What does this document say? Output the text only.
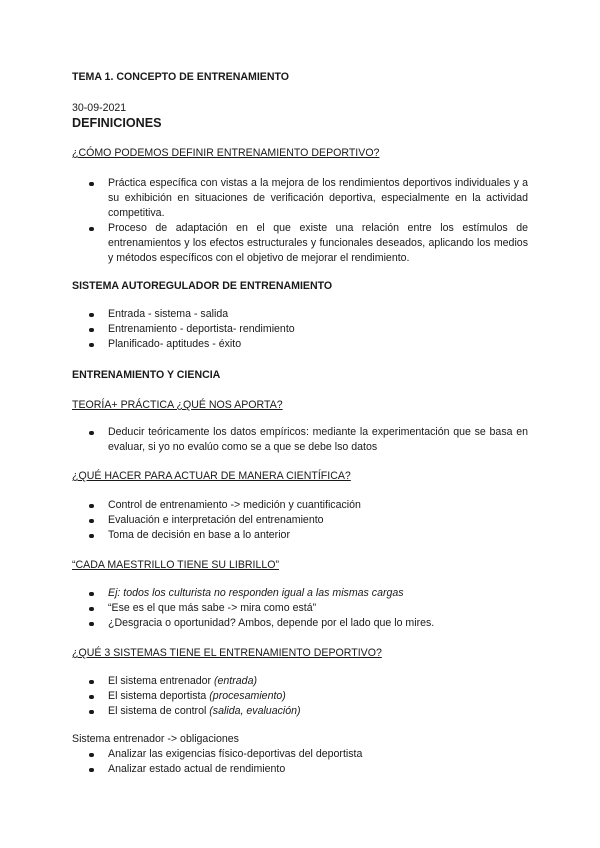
TEMA 1. CONCEPTO DE ENTRENAMIENTO
30-09-2021
DEFINICIONES
¿CÓMO PODEMOS DEFINIR ENTRENAMIENTO DEPORTIVO?
Práctica específica con vistas a la mejora de los rendimientos deportivos individuales y a su exhibición en situaciones de verificación deportiva, especialmente en la actividad competitiva.
Proceso de adaptación en el que existe una relación entre los estímulos de entrenamientos y los efectos estructurales y funcionales deseados, aplicando los medios y métodos específicos con el objetivo de mejorar el rendimiento.
SISTEMA AUTOREGULADOR DE ENTRENAMIENTO
Entrada - sistema - salida
Entrenamiento - deportista- rendimiento
Planificado- aptitudes - éxito
ENTRENAMIENTO Y CIENCIA
TEORÍA+ PRÁCTICA ¿QUÉ NOS APORTA?
Deducir teóricamente los datos empíricos: mediante la experimentación que se basa en evaluar, si yo no evalúo como se a que se debe lso datos
¿QUÉ HACER PARA ACTUAR DE MANERA CIENTÍFICA?
Control de entrenamiento -> medición y cuantificación
Evaluación e interpretación del entrenamiento
Toma de decisión en base a lo anterior
“CADA MAESTRILLO TIENE SU LIBRILLO”
Ej: todos los culturista no responden igual a las mismas cargas
“Ese es el que más sabe -> mira como está”
¿Desgracia o oportunidad? Ambos, depende por el lado que lo mires.
¿QUÉ 3 SISTEMAS TIENE EL ENTRENAMIENTO DEPORTIVO?
El sistema entrenador (entrada)
El sistema deportista (procesamiento)
El sistema de control (salida, evaluación)
Sistema entrenador -> obligaciones
Analizar las exigencias físico-deportivas del deportista
Analizar estado actual de rendimiento
